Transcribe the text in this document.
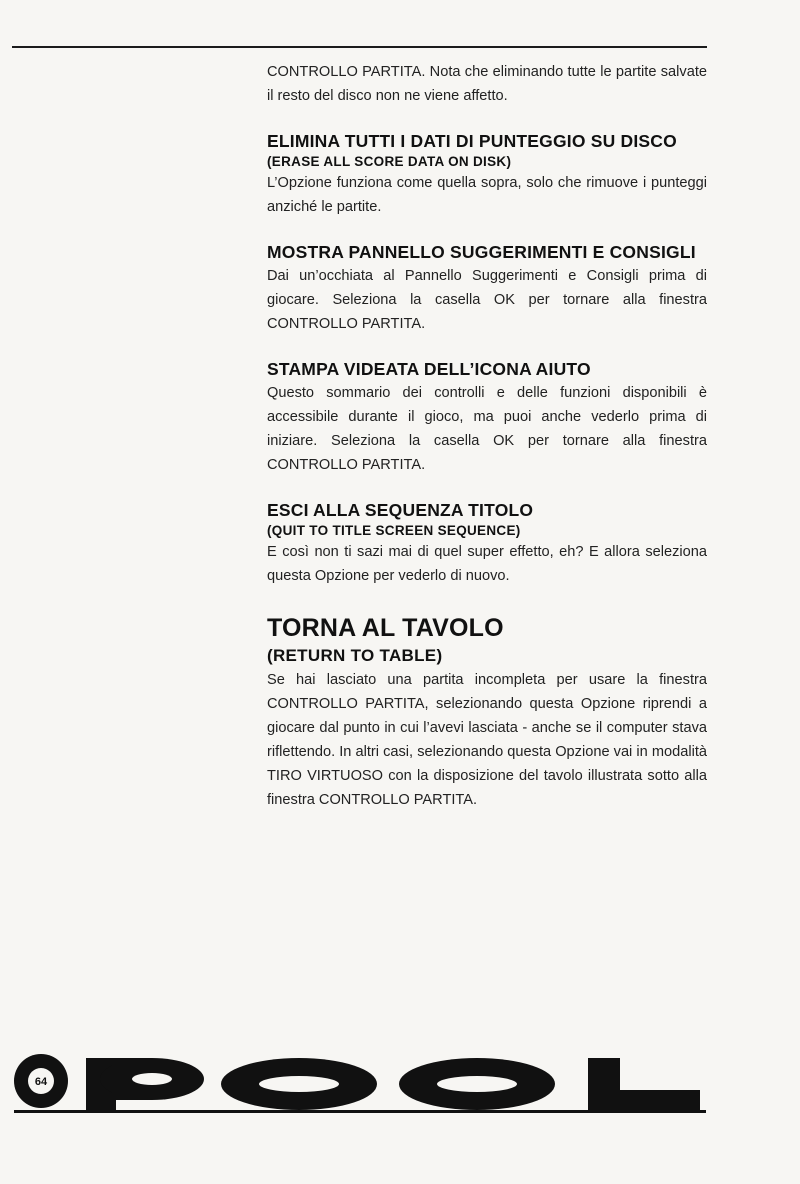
CONTROLLO PARTITA. Nota che eliminando tutte le partite salvate il resto del disco non ne viene affetto.

ELIMINA TUTTI I DATI DI PUNTEGGIO SU DISCO
(ERASE ALL SCORE DATA ON DISK)

L’Opzione funziona come quella sopra, solo che rimuove i punteggi anziché le partite.

MOSTRA PANNELLO SUGGERIMENTI E CONSIGLI

Dai un’occhiata al Pannello Suggerimenti e Consigli prima di giocare. Seleziona la casella OK per tornare alla finestra CONTROLLO PARTITA.

STAMPA VIDEATA DELL’ICONA AIUTO

Questo sommario dei controlli e delle funzioni disponibili è accessibile durante il gioco, ma puoi anche vederlo prima di iniziare. Seleziona la casella OK per tornare alla finestra CONTROLLO PARTITA.

ESCI ALLA SEQUENZA TITOLO
(QUIT TO TITLE SCREEN SEQUENCE)

E così non ti sazi mai di quel super effetto, eh? E allora seleziona questa Opzione per vederlo di nuovo.

TORNA AL TAVOLO
(RETURN TO TABLE)

Se hai lasciato una partita incompleta per usare la finestra CONTROLLO PARTITA, selezionando questa Opzione riprendi a giocare dal punto in cui l’avevi lasciata - anche se il computer stava riflettendo. In altri casi, selezionando questa Opzione vai in modalità TIRO VIRTUOSO con la disposizione del tavolo illustrata sotto alla finestra CONTROLLO PARTITA.

64
POOL
